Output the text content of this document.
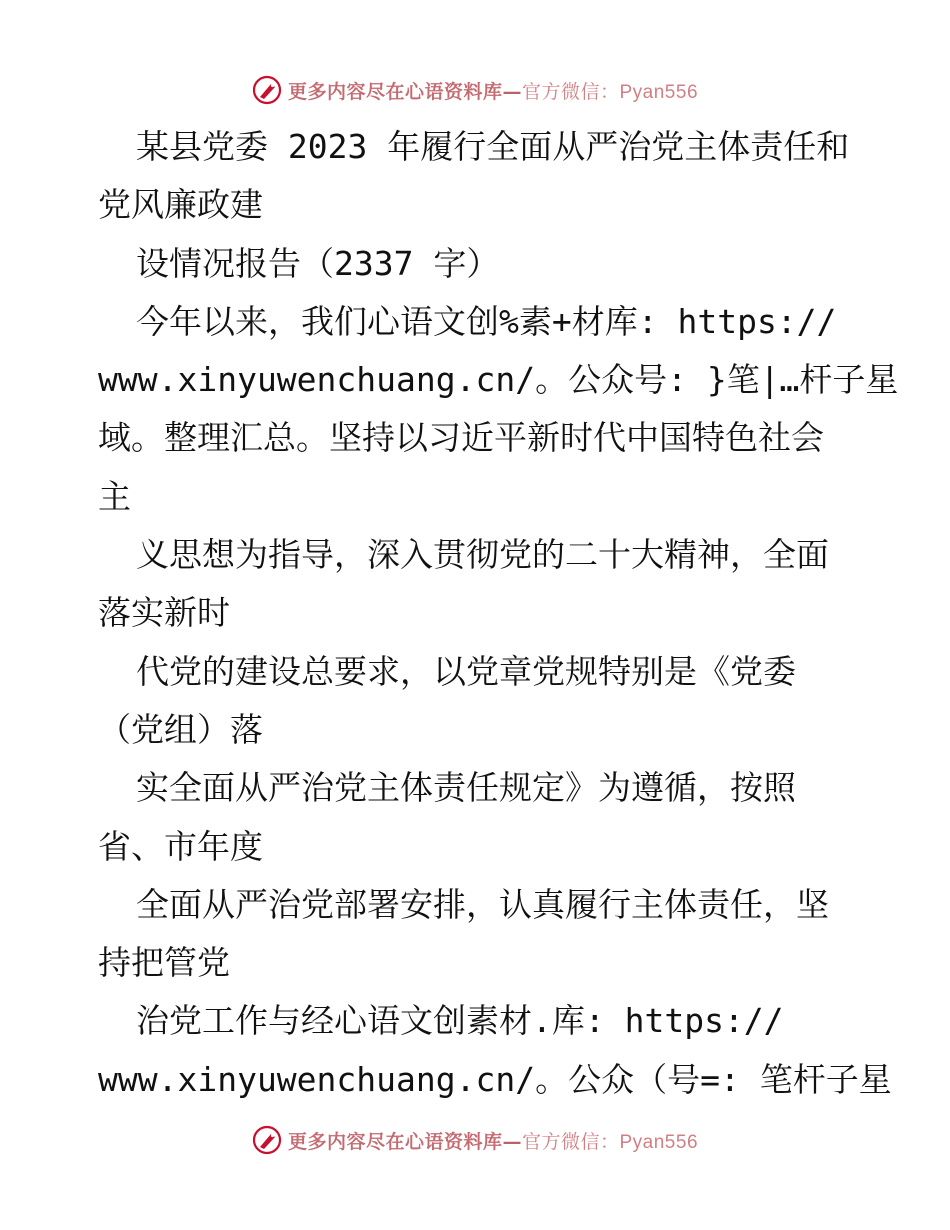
更多内容尽在心语资料库—官方微信：Pyan556
某县党委 2023 年履行全面从严治党主体责任和
党风廉政建
设情况报告（2337 字）
今年以来，我们心语文创%素+材库: https://
www.xinyuwenchuang.cn/。公众号: }笔|…杆子星
域。整理汇总。坚持以习近平新时代中国特色社会
主
义思想为指导，深入贯彻党的二十大精神，全面
落实新时
代党的建设总要求，以党章党规特别是《党委
（党组）落
实全面从严治党主体责任规定》为遵循，按照
省、市年度
全面从严治党部署安排，认真履行主体责任，坚
持把管党
治党工作与经心语文创素材.库: https://
www.xinyuwenchuang.cn/。公众（号=: 笔杆子星
更多内容尽在心语资料库—官方微信：Pyan556
